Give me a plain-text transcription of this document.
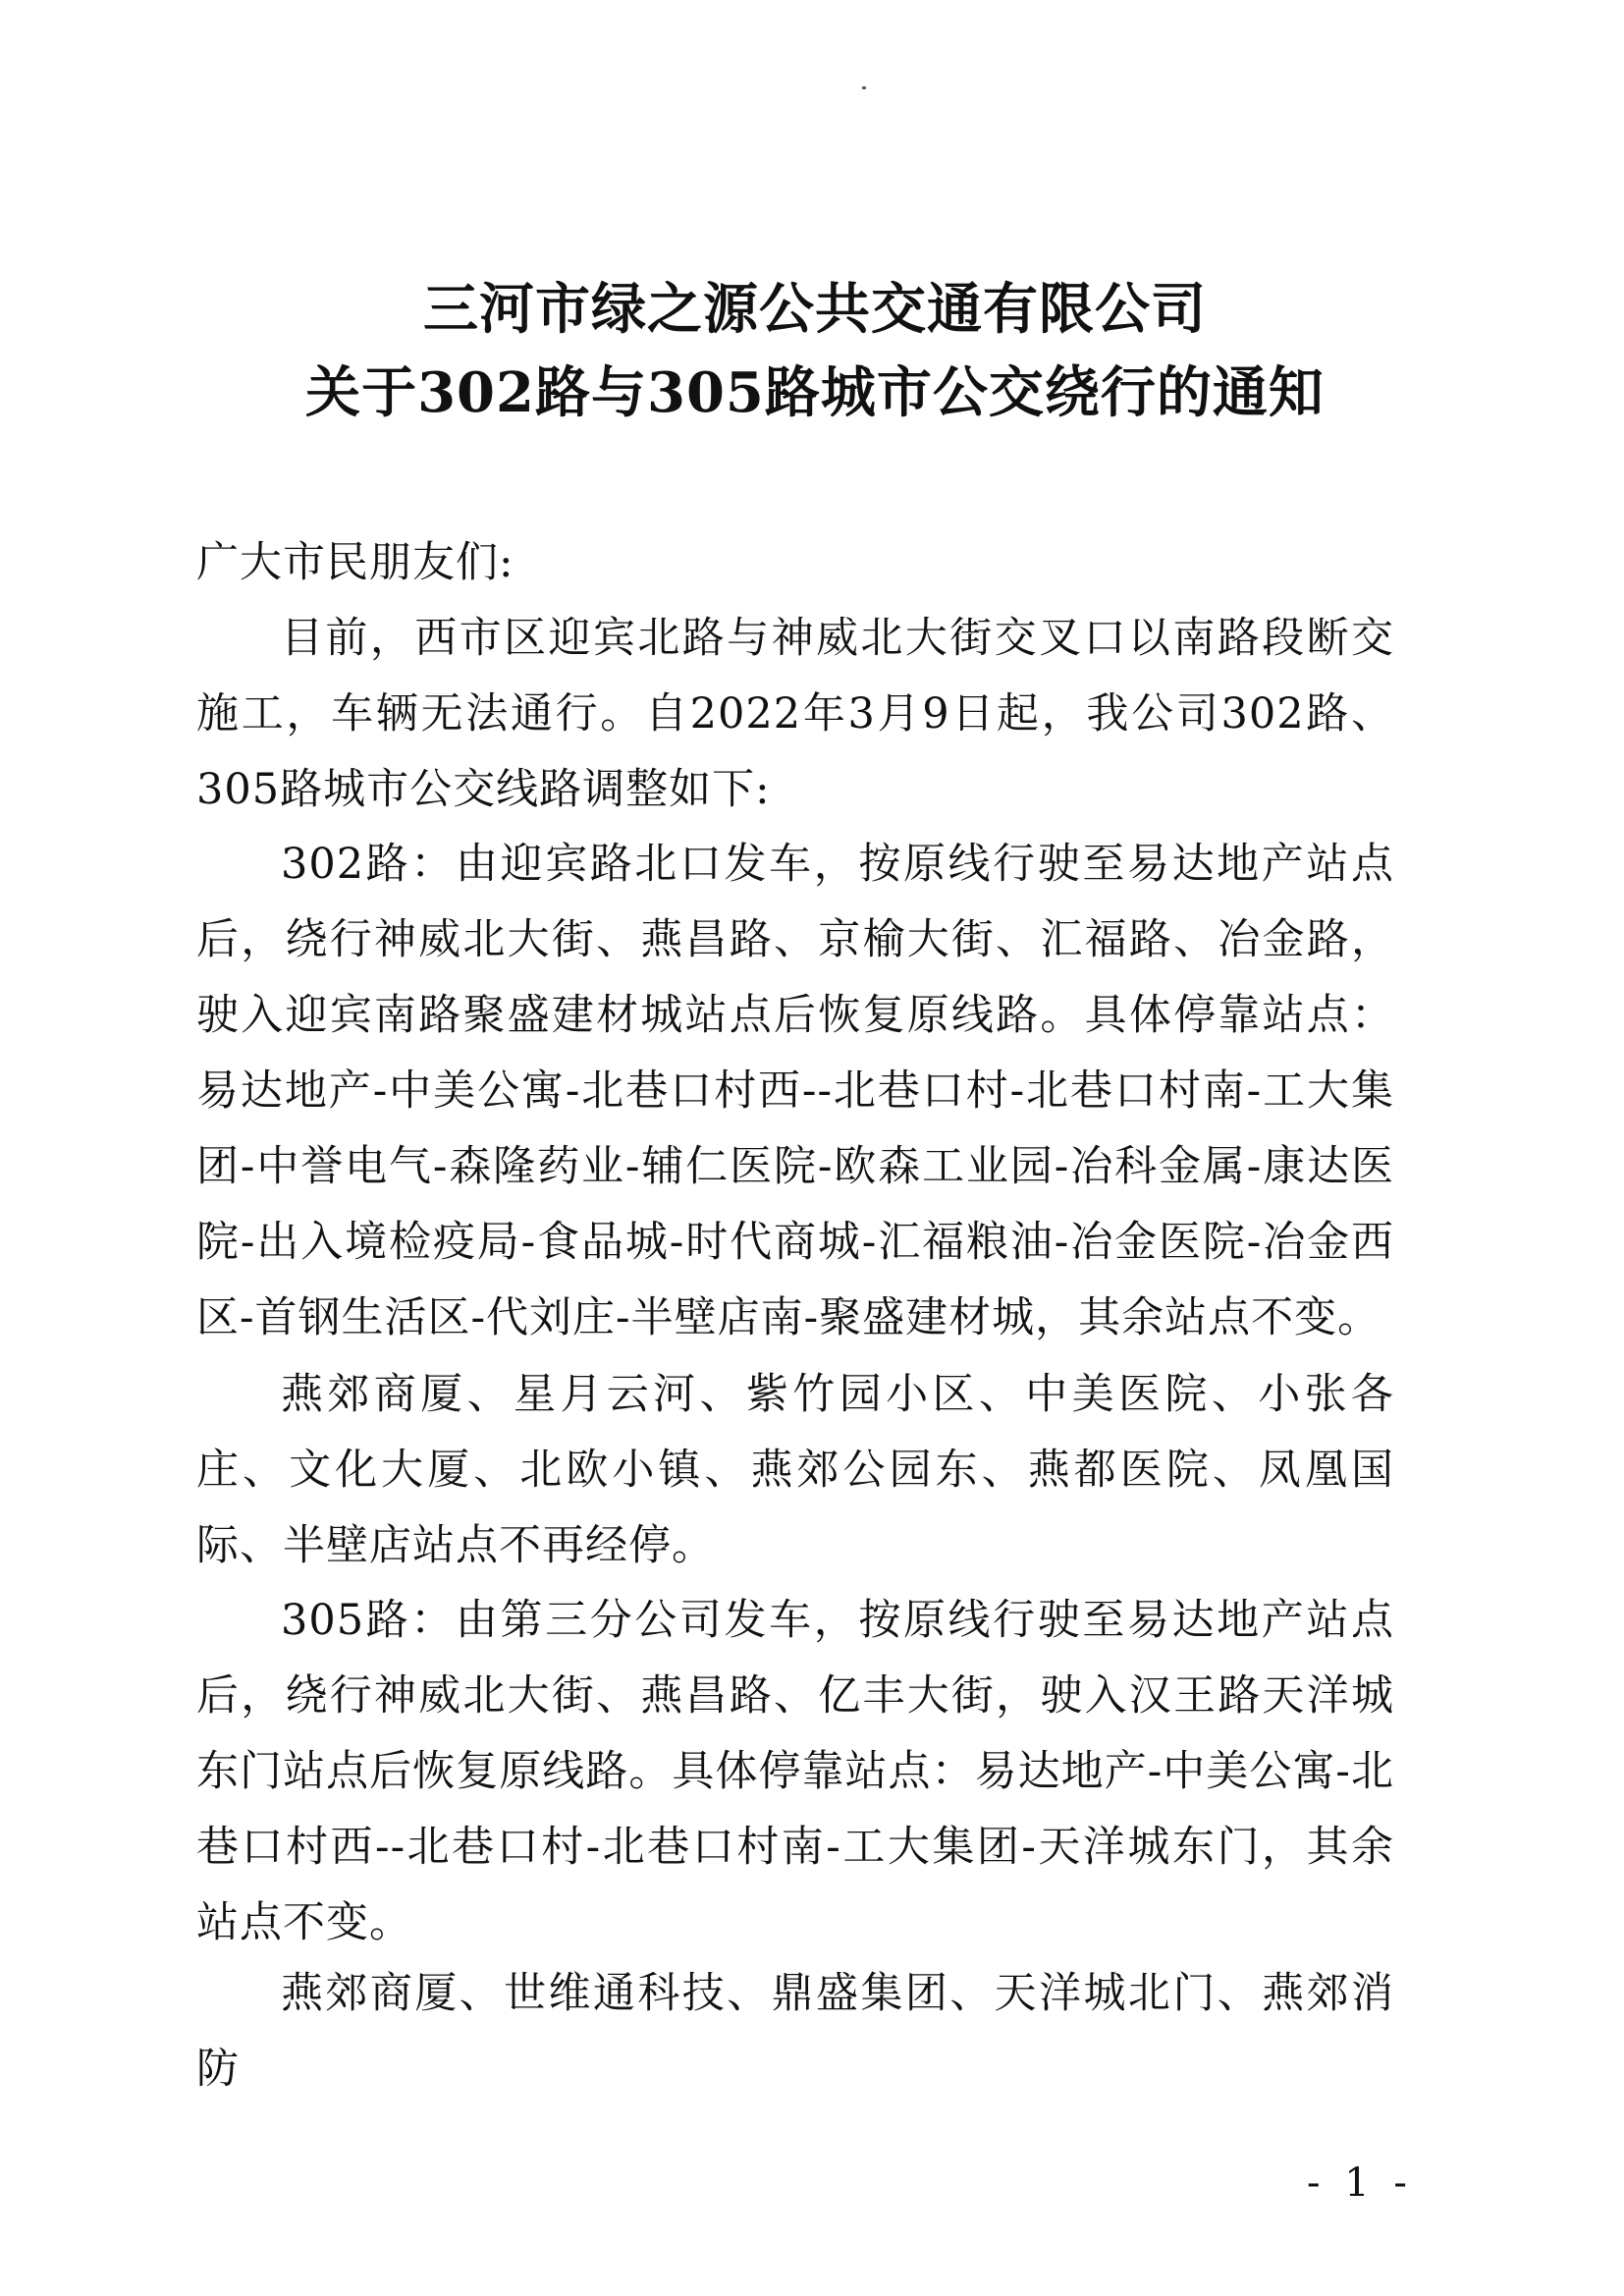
三河市绿之源公共交通有限公司
关于302路与305路城市公交绕行的通知
广大市民朋友们:

目前，西市区迎宾北路与神威北大街交叉口以南路段断交施工，车辆无法通行。自2022年3月9日起，我公司302路、305路城市公交线路调整如下:

302路：由迎宾路北口发车，按原线行驶至易达地产站点后，绕行神威北大街、燕昌路、京榆大街、汇福路、冶金路，驶入迎宾南路聚盛建材城站点后恢复原线路。具体停靠站点：易达地产-中美公寓-北巷口村西--北巷口村-北巷口村南-工大集团-中誉电气-森隆药业-辅仁医院-欧森工业园-冶科金属-康达医院-出入境检疫局-食品城-时代商城-汇福粮油-冶金医院-冶金西区-首钢生活区-代刘庄-半壁店南-聚盛建材城，其余站点不变。

燕郊商厦、星月云河、紫竹园小区、中美医院、小张各庄、文化大厦、北欧小镇、燕郊公园东、燕都医院、凤凰国际、半壁店站点不再经停。

305路：由第三分公司发车，按原线行驶至易达地产站点后，绕行神威北大街、燕昌路、亿丰大街，驶入汉王路天洋城东门站点后恢复原线路。具体停靠站点：易达地产-中美公寓-北巷口村西--北巷口村-北巷口村南-工大集团-天洋城东门，其余站点不变。

燕郊商厦、世维通科技、鼎盛集团、天洋城北门、燕郊消防

- 1 -
